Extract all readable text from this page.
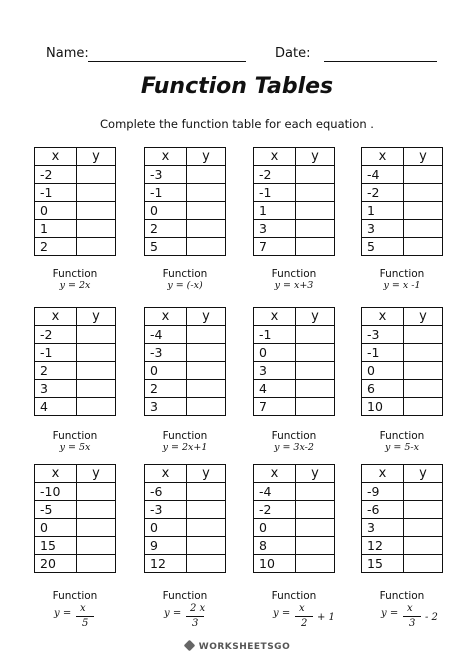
Name:	Date:
Function Tables
Complete the function table for each equation .
x	y
-2	
-1	
0	
1	
2	
Function
y = 2x
x	y
-3	
-1	
0	
2	
5	
Function
y = (-x)
x	y
-2	
-1	
1	
3	
7	
Function
y = x+3
x	y
-4	
-2	
1	
3	
5	
Function
y = x -1
x	y
-2	
-1	
2	
3	
4	
Function
y = 5x
x	y
-4	
-3	
0	
2	
3	
Function
y = 2x+1
x	y
-1	
0	
3	
4	
7	
Function
y = 3x-2
x	y
-3	
-1	
0	
6	
10	
Function
y = 5-x
x	y
-10	
-5	
0	
15	
20	
Function
y = x
5
x	y
-6	
-3	
0	
9	
12	
Function
y = 2 x
3
x	y
-4	
-2	
0	
8	
10	
Function
y = x
2
+ 1
x	y
-9	
-6	
3	
12	
15	
Function
y = x
3
- 2
WORKSHEETSGO
